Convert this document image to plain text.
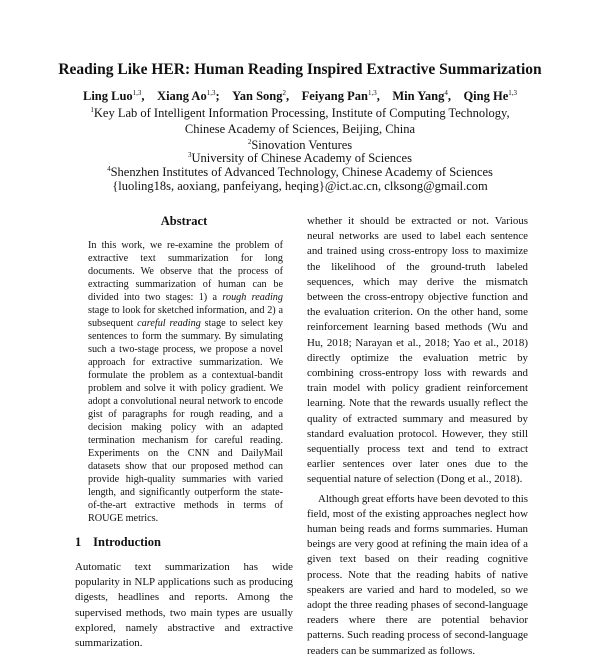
Reading Like HER: Human Reading Inspired Extractive Summarization
Ling Luo$^{1,3}$,  Xiang Ao$^{1,3}$;  Yan Song$^2$,  Feiyang Pan$^{1,3}$,  Min Yang$^4$,  Qing He$^{1,3}$
$^1$Key Lab of Intelligent Information Processing, Institute of Computing Technology,
Chinese Academy of Sciences, Beijing, China
$^2$Sinovation Ventures
$^3$University of Chinese Academy of Sciences
$^4$Shenzhen Institutes of Advanced Technology, Chinese Academy of Sciences
{luoling18s, aoxiang, panfeiyang, heqing}@ict.ac.cn, clksong@gmail.com
Abstract
In this work, we re-examine the problem of extractive text summarization for long documents. We observe that the process of extracting summarization of human can be divided into two stages: 1) a rough reading stage to look for sketched information, and 2) a subsequent careful reading stage to select key sentences to form the summary. By simulating such a two-stage process, we propose a novel approach for extractive summarization. We formulate the problem as a contextual-bandit problem and solve it with policy gradient. We adopt a convolutional neural network to encode gist of paragraphs for rough reading, and a decision making policy with an adapted termination mechanism for careful reading. Experiments on the CNN and DailyMail datasets show that our proposed method can provide high-quality summaries with varied length, and significantly outperform the state-of-the-art extractive methods in terms of ROUGE metrics.
1 Introduction

Automatic text summarization has wide popularity in NLP applications such as producing digests, headlines and reports. Among the supervised methods, two main types are usually explored, namely abstractive and extractive summarization.

whether it should be extracted or not. Various neural networks are used to label each sentence and trained using cross-entropy loss to maximize the likelihood of the ground-truth labeled sequences, which may derive the mismatch between the cross-entropy objective function and the evaluation criterion. On the other hand, some reinforcement learning based methods (Wu and Hu, 2018; Narayan et al., 2018; Yao et al., 2018) directly optimize the evaluation metric by combining cross-entropy loss with rewards and train model with policy gradient reinforcement learning. Note that the rewards usually reflect the quality of extracted summary and measured by standard evaluation protocol. However, they still sequentially process text and tend to extract earlier sentences over later ones due to the sequential nature of selection (Dong et al., 2018).

Although great efforts have been devoted to this field, most of the existing approaches neglect how human being reads and forms summaries. Human beings are very good at refining the main idea of a given text based on their reading cognitive process. Note that the reading habits of native speakers are varied and hard to modeled, so we adopt the three reading phases of second-language readers where there are potential behavior patterns. Such reading process of second-language readers can be summarized as follows.
